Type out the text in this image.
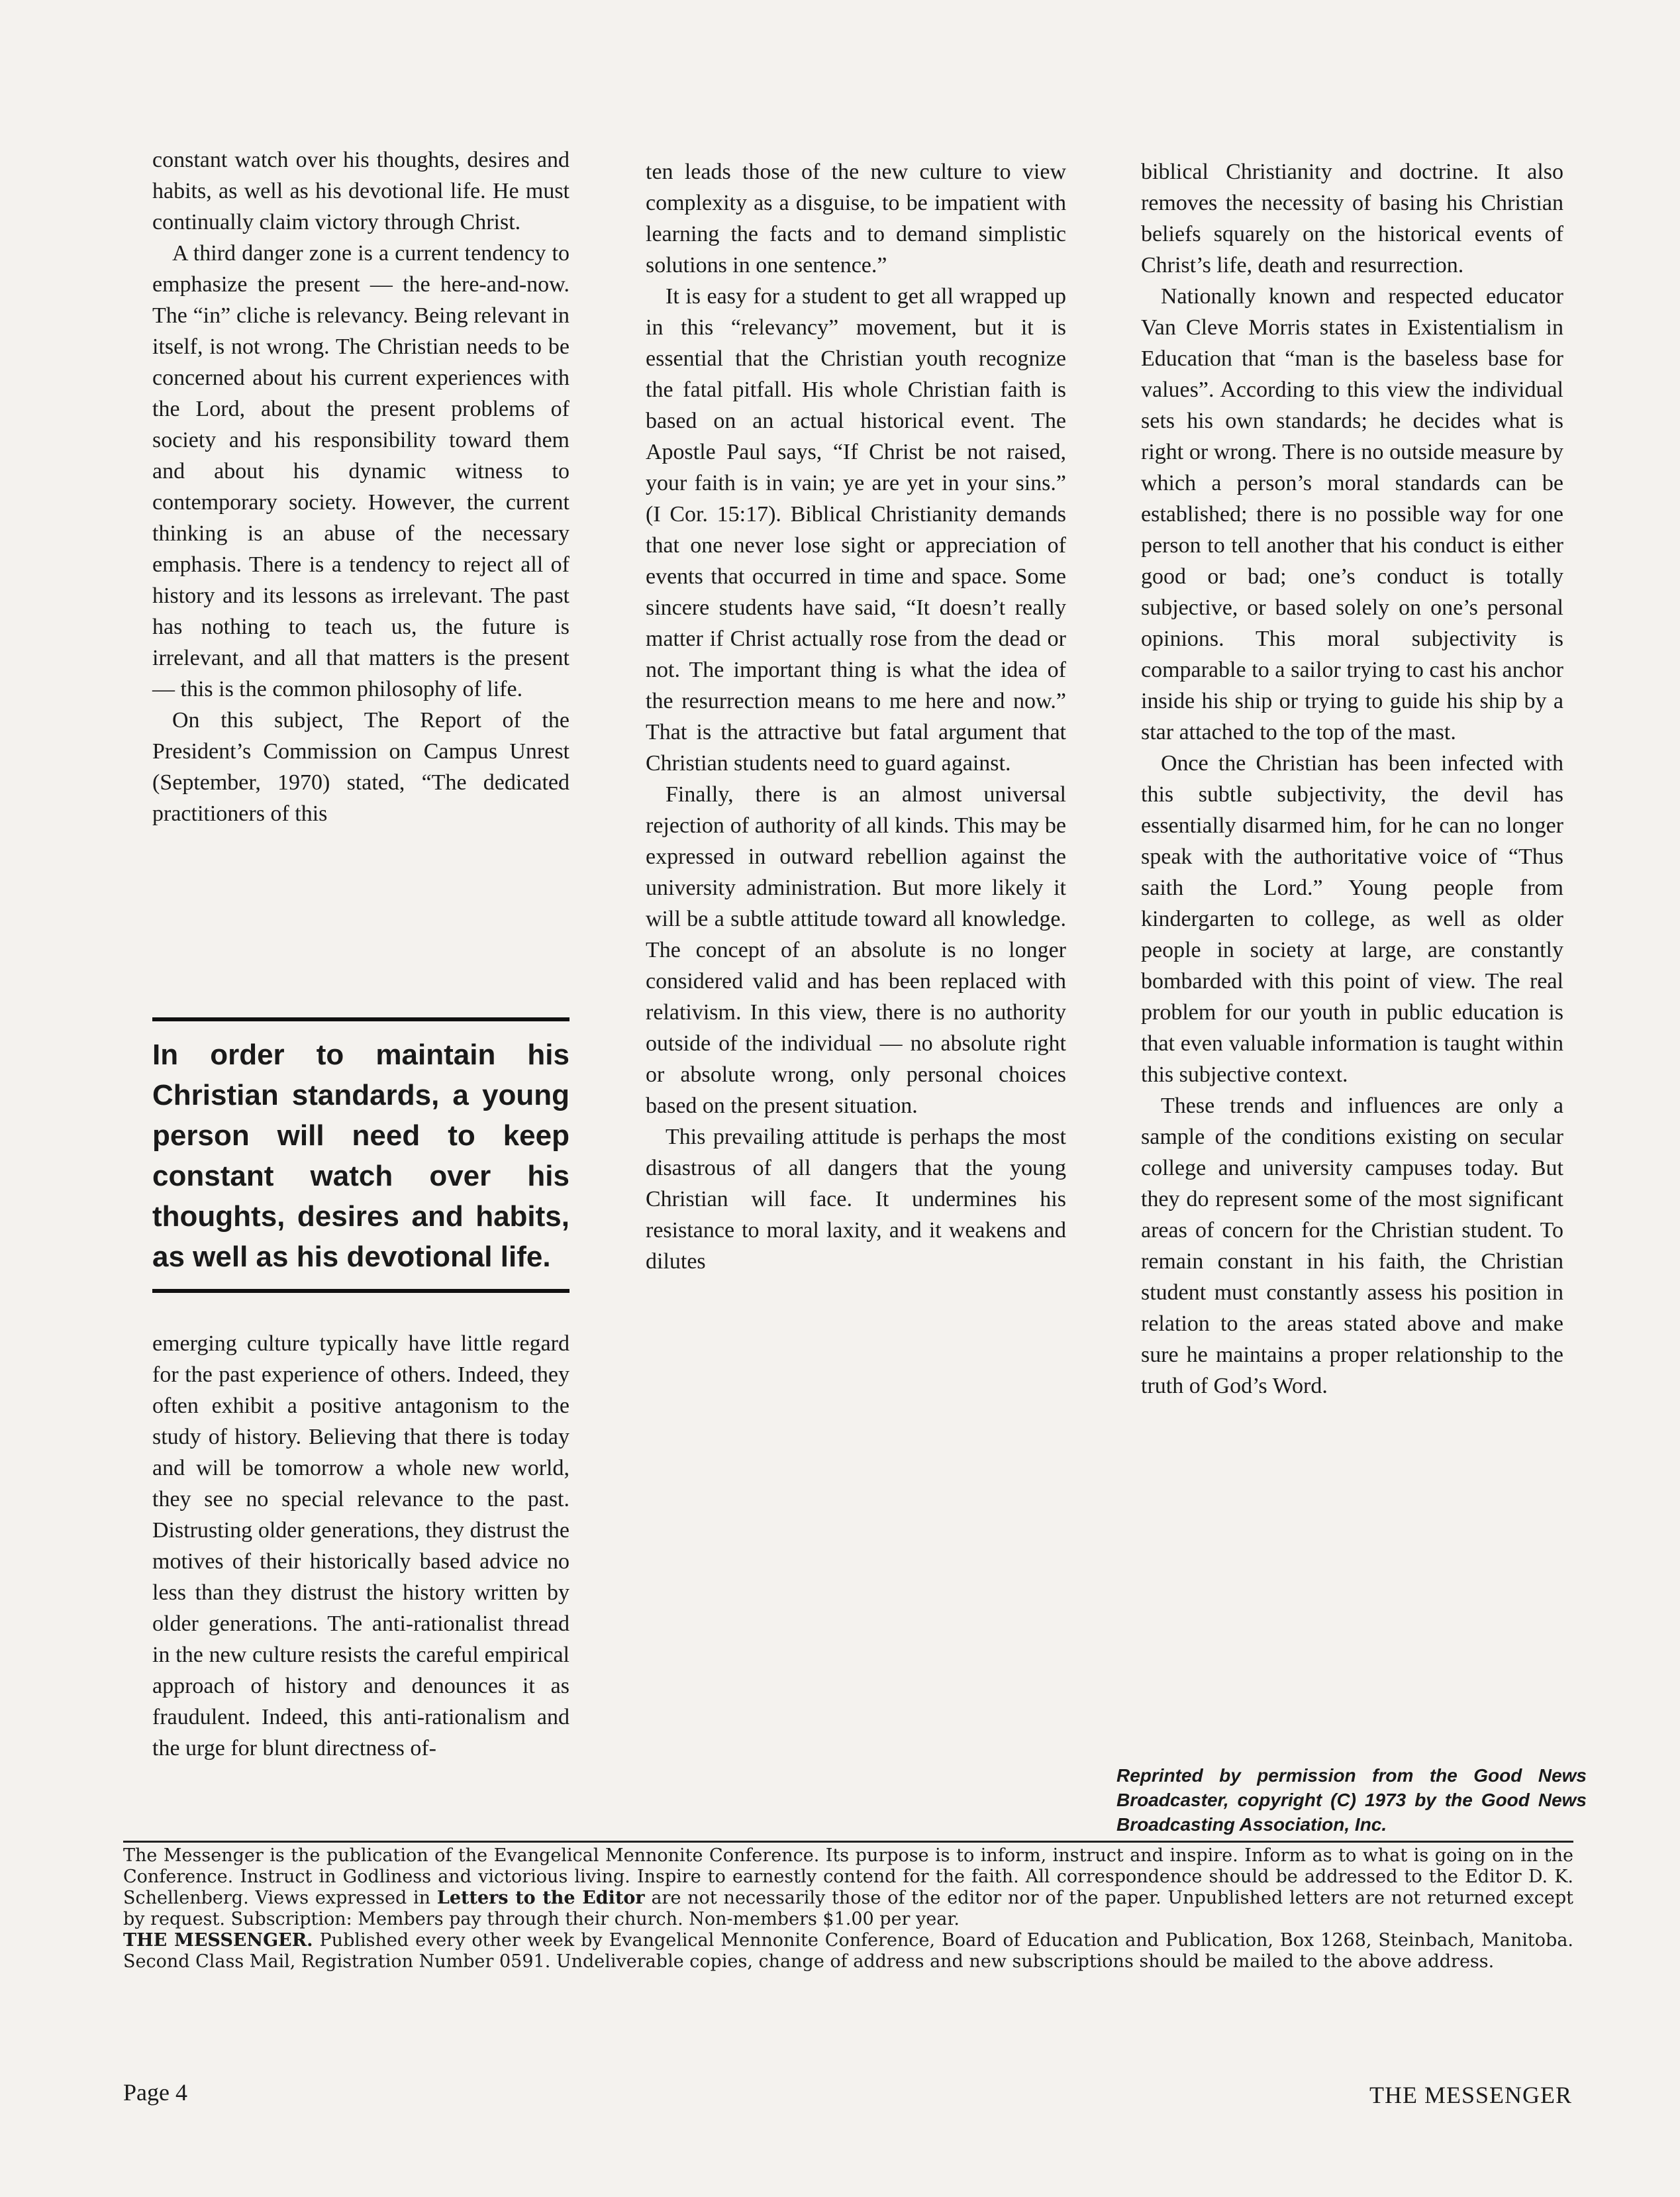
constant watch over his thoughts, desires and habits, as well as his devotional life. He must continually claim victory through Christ.

A third danger zone is a current tendency to emphasize the present — the here-and-now. The “in” cliche is relevancy. Being relevant in itself, is not wrong. The Christian needs to be concerned about his current experiences with the Lord, about the present problems of society and his responsibility toward them and about his dynamic witness to contemporary society. However, the current thinking is an abuse of the necessary emphasis. There is a tendency to reject all of history and its lessons as irrelevant. The past has nothing to teach us, the future is irrelevant, and all that matters is the present — this is the common philosophy of life.

On this subject, The Report of the President’s Commission on Campus Unrest (September, 1970) stated, “The dedicated practitioners of this

In order to maintain his Christian standards, a young person will need to keep constant watch over his thoughts, desires and habits, as well as his devotional life.

emerging culture typically have little regard for the past experience of others. Indeed, they often exhibit a positive antagonism to the study of history. Believing that there is today and will be tomorrow a whole new world, they see no special relevance to the past. Distrusting older generations, they distrust the motives of their historically based advice no less than they distrust the history written by older generations. The anti-rationalist thread in the new culture resists the careful empirical approach of history and denounces it as fraudulent. Indeed, this anti-rationalism and the urge for blunt directness of-

ten leads those of the new culture to view complexity as a disguise, to be impatient with learning the facts and to demand simplistic solutions in one sentence.”

It is easy for a student to get all wrapped up in this “relevancy” movement, but it is essential that the Christian youth recognize the fatal pitfall. His whole Christian faith is based on an actual historical event. The Apostle Paul says, “If Christ be not raised, your faith is in vain; ye are yet in your sins.” (I Cor. 15:17). Biblical Christianity demands that one never lose sight or appreciation of events that occurred in time and space. Some sincere students have said, “It doesn’t really matter if Christ actually rose from the dead or not. The important thing is what the idea of the resurrection means to me here and now.” That is the attractive but fatal argument that Christian students need to guard against.

Finally, there is an almost universal rejection of authority of all kinds. This may be expressed in outward rebellion against the university administration. But more likely it will be a subtle attitude toward all knowledge. The concept of an absolute is no longer considered valid and has been replaced with relativism. In this view, there is no authority outside of the individual — no absolute right or absolute wrong, only personal choices based on the present situation.

This prevailing attitude is perhaps the most disastrous of all dangers that the young Christian will face. It undermines his resistance to moral laxity, and it weakens and dilutes

biblical Christianity and doctrine. It also removes the necessity of basing his Christian beliefs squarely on the historical events of Christ’s life, death and resurrection.

Nationally known and respected educator Van Cleve Morris states in Existentialism in Education that “man is the baseless base for values”. According to this view the individual sets his own standards; he decides what is right or wrong. There is no outside measure by which a person’s moral standards can be established; there is no possible way for one person to tell another that his conduct is either good or bad; one’s conduct is totally subjective, or based solely on one’s personal opinions. This moral subjectivity is comparable to a sailor trying to cast his anchor inside his ship or trying to guide his ship by a star attached to the top of the mast.

Once the Christian has been infected with this subtle subjectivity, the devil has essentially disarmed him, for he can no longer speak with the authoritative voice of “Thus saith the Lord.” Young people from kindergarten to college, as well as older people in society at large, are constantly bombarded with this point of view. The real problem for our youth in public education is that even valuable information is taught within this subjective context.

These trends and influences are only a sample of the conditions existing on secular college and university campuses today. But they do represent some of the most significant areas of concern for the Christian student. To remain constant in his faith, the Christian student must constantly assess his position in relation to the areas stated above and make sure he maintains a proper relationship to the truth of God’s Word.

Reprinted by permission from the Good News Broadcaster, copyright (C) 1973 by the Good News Broadcasting Association, Inc.

The Messenger is the publication of the Evangelical Mennonite Conference. Its purpose is to inform, instruct and inspire. Inform as to what is going on in the Conference. Instruct in Godliness and victorious living. Inspire to earnestly contend for the faith. All correspondence should be addressed to the Editor D. K. Schellenberg. Views expressed in Letters to the Editor are not necessarily those of the editor nor of the paper. Unpublished letters are not returned except by request. Subscription: Members pay through their church. Non-members $1.00 per year.

THE MESSENGER. Published every other week by Evangelical Mennonite Conference, Board of Education and Publication, Box 1268, Steinbach, Manitoba. Second Class Mail, Registration Number 0591. Undeliverable copies, change of address and new subscriptions should be mailed to the above address.

Page 4	THE MESSENGER
